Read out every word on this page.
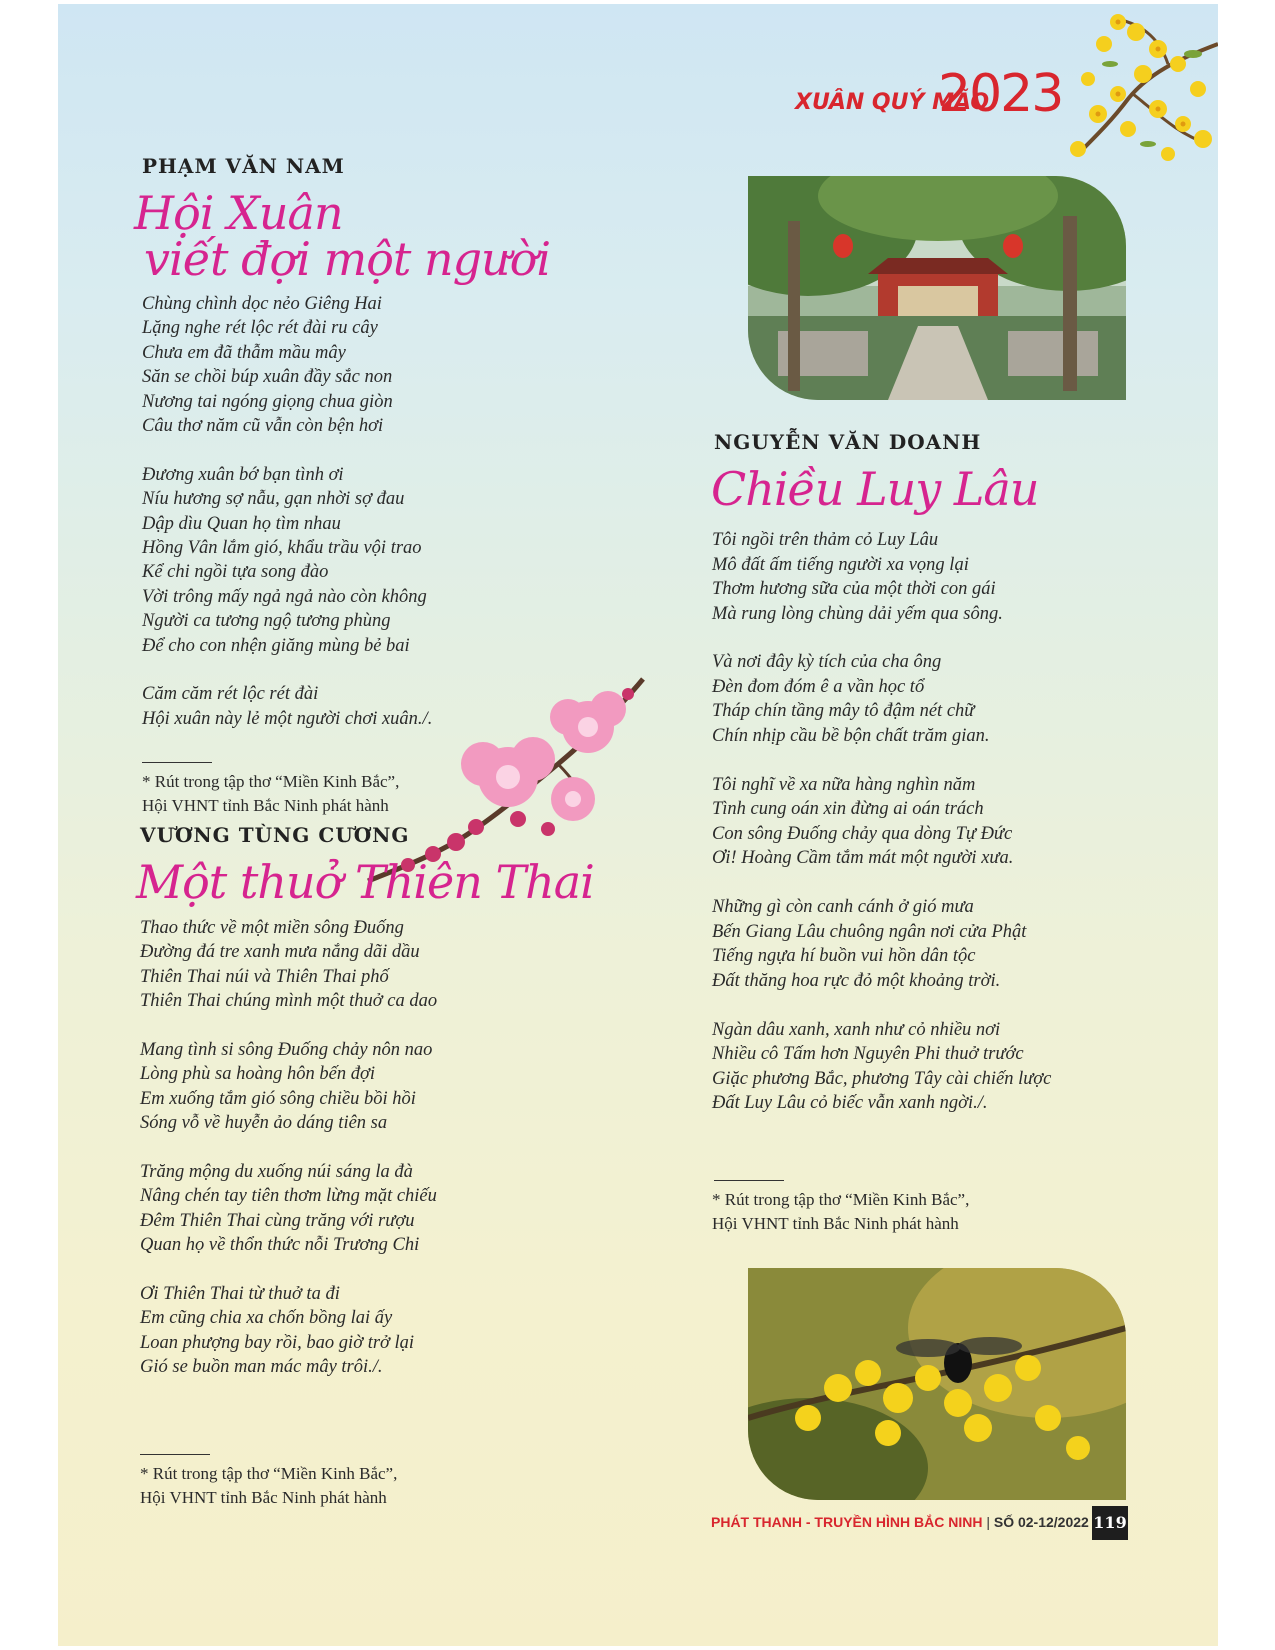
XUÂN QUÝ MÃO
2023
PHẠM VĂN NAM
Hội Xuân
viết đợi một người
Chùng chình dọc nẻo Giêng Hai
Lặng nghe rét lộc rét đài ru cây
Chưa em đã thẫm mầu mây
Săn se chồi búp xuân đầy sắc non
Nương tai ngóng giọng chua giòn
Câu thơ năm cũ vẫn còn bện hơi
Đương xuân bớ bạn tình ơi
Níu hương sợ nẫu, gạn nhời sợ đau
Dập dìu Quan họ tìm nhau
Hồng Vân lắm gió, khẩu trầu vội trao
Kể chi ngồi tựa song đào
Vời trông mấy ngả ngả nào còn không
Người ca tương ngộ tương phùng
Để cho con nhện giăng mùng bẻ bai
Căm căm rét lộc rét đài
Hội xuân này lẻ một người chơi xuân./.
* Rút trong tập thơ “Miền Kinh Bắc”,
Hội VHNT tỉnh Bắc Ninh phát hành
VƯƠNG TÙNG CƯƠNG
Một thuở Thiên Thai
Thao thức về một miền sông Đuống
Đường đá tre xanh mưa nắng dãi dầu
Thiên Thai núi và Thiên Thai phố
Thiên Thai chúng mình một thuở ca dao
Mang tình si sông Đuống chảy nôn nao
Lòng phù sa hoàng hôn bến đợi
Em xuống tắm gió sông chiều bồi hồi
Sóng vỗ về huyễn ảo dáng tiên sa
Trăng mộng du xuống núi sáng la đà
Nâng chén tay tiên thơm lừng mặt chiếu
Đêm Thiên Thai cùng trăng với rượu
Quan họ về thổn thức nỗi Trương Chi
Ơi Thiên Thai từ thuở ta đi
Em cũng chia xa chốn bồng lai ấy
Loan phượng bay rồi, bao giờ trở lại
Gió se buồn man mác mây trôi./.
* Rút trong tập thơ “Miền Kinh Bắc”,
Hội VHNT tỉnh Bắc Ninh phát hành
NGUYỄN VĂN DOANH
Chiều Luy Lâu
Tôi ngồi trên thảm cỏ Luy Lâu
Mô đất ấm tiếng người xa vọng lại
Thơm hương sữa của một thời con gái
Mà rung lòng chùng dải yếm qua sông.
Và nơi đây kỳ tích của cha ông
Đèn đom đóm ê a vần học tổ
Tháp chín tầng mây tô đậm nét chữ
Chín nhịp cầu bề bộn chất trăm gian.
Tôi nghĩ về xa nữa hàng nghìn năm
Tình cung oán xin đừng ai oán trách
Con sông Đuống chảy qua dòng Tự Đức
Ơi! Hoàng Cầm tắm mát một người xưa.
Những gì còn canh cánh ở gió mưa
Bến Giang Lâu chuông ngân nơi cửa Phật
Tiếng ngựa hí buồn vui hồn dân tộc
Đất thăng hoa rực đỏ một khoảng trời.
Ngàn dâu xanh, xanh như cỏ nhiều nơi
Nhiều cô Tấm hơn Nguyên Phi thuở trước
Giặc phương Bắc, phương Tây cài chiến lược
Đất Luy Lâu cỏ biếc vẫn xanh ngời./.
* Rút trong tập thơ “Miền Kinh Bắc”,
Hội VHNT tỉnh Bắc Ninh phát hành
PHÁT THANH - TRUYỀN HÌNH BẮC NINH | SỐ 02-12/2022 119
